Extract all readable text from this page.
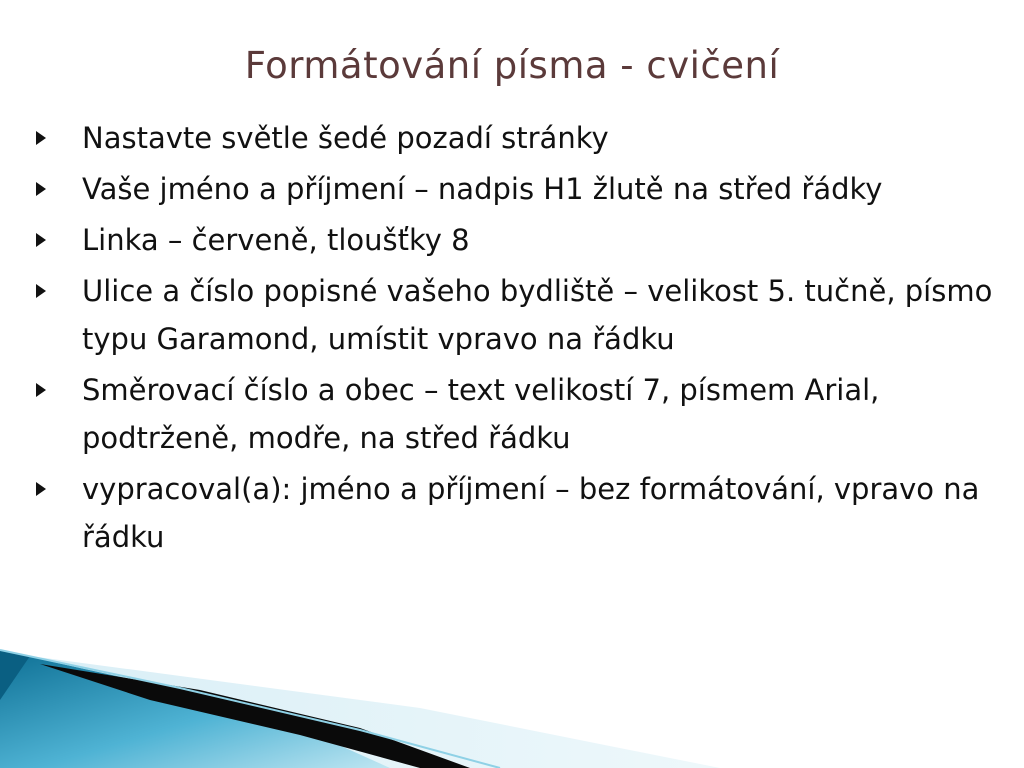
Formátování písma - cvičení
Nastavte světle šedé pozadí stránky
Vaše jméno a příjmení – nadpis H1 žlutě na střed řádky
Linka – červeně, tloušťky 8
Ulice a číslo popisné vašeho bydliště – velikost 5. tučně, písmo typu Garamond, umístit vpravo na řádku
Směrovací číslo a obec – text velikostí 7, písmem Arial, podtrženě, modře, na střed řádku
vypracoval(a): jméno a příjmení – bez formátování, vpravo na řádku
